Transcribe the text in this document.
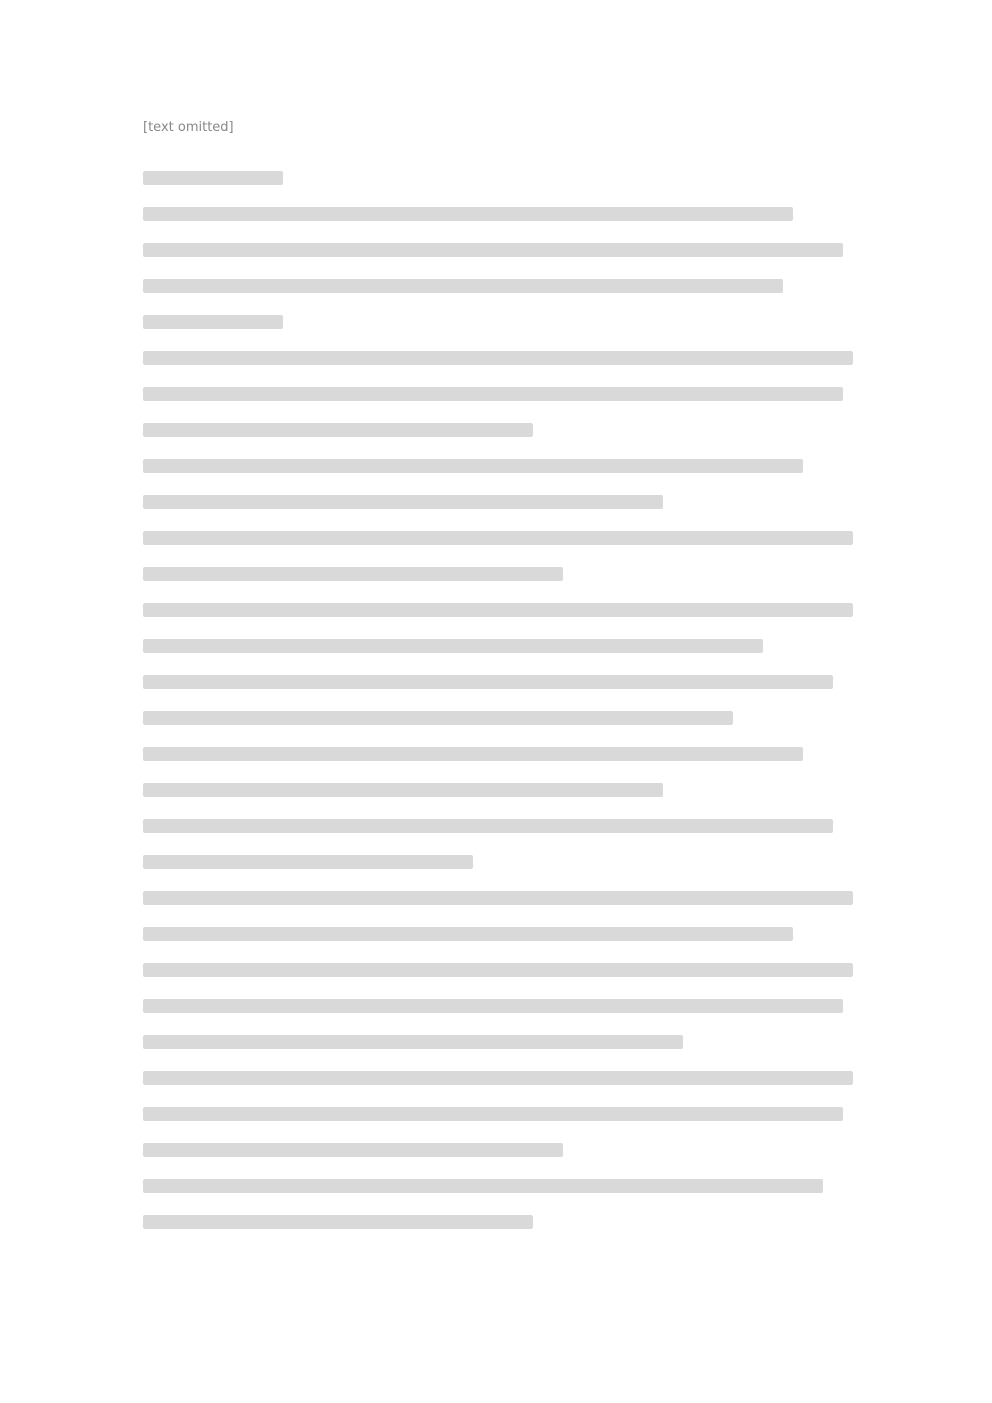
[text omitted]
